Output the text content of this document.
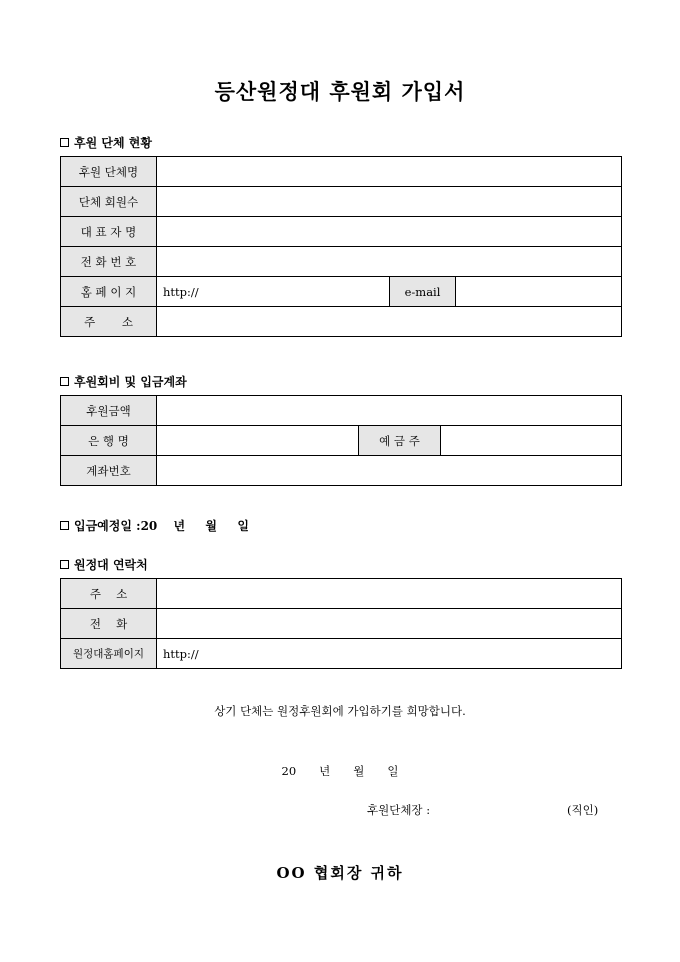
등산원정대 후원회 가입서
후원 단체 현황
후원 단체명			
단체 회원수			
대 표 자 명			
전 화 번 호			
홈 페 이 지	http://	e-mail	
주　　 소			
후원회비 및 입금계좌
후원금액			
은 행 명		예 금 주	
계좌번호			
입금예정일 :20　 년 　 월 　 일
원정대 연락처
주　 소	
전　 화	
원정대홈페이지	http://
상기 단체는 원정후원회에 가입하기를 희망합니다.
20　　년　　월　　일
후원단체장 :	(직인)
OO 협회장 귀하
